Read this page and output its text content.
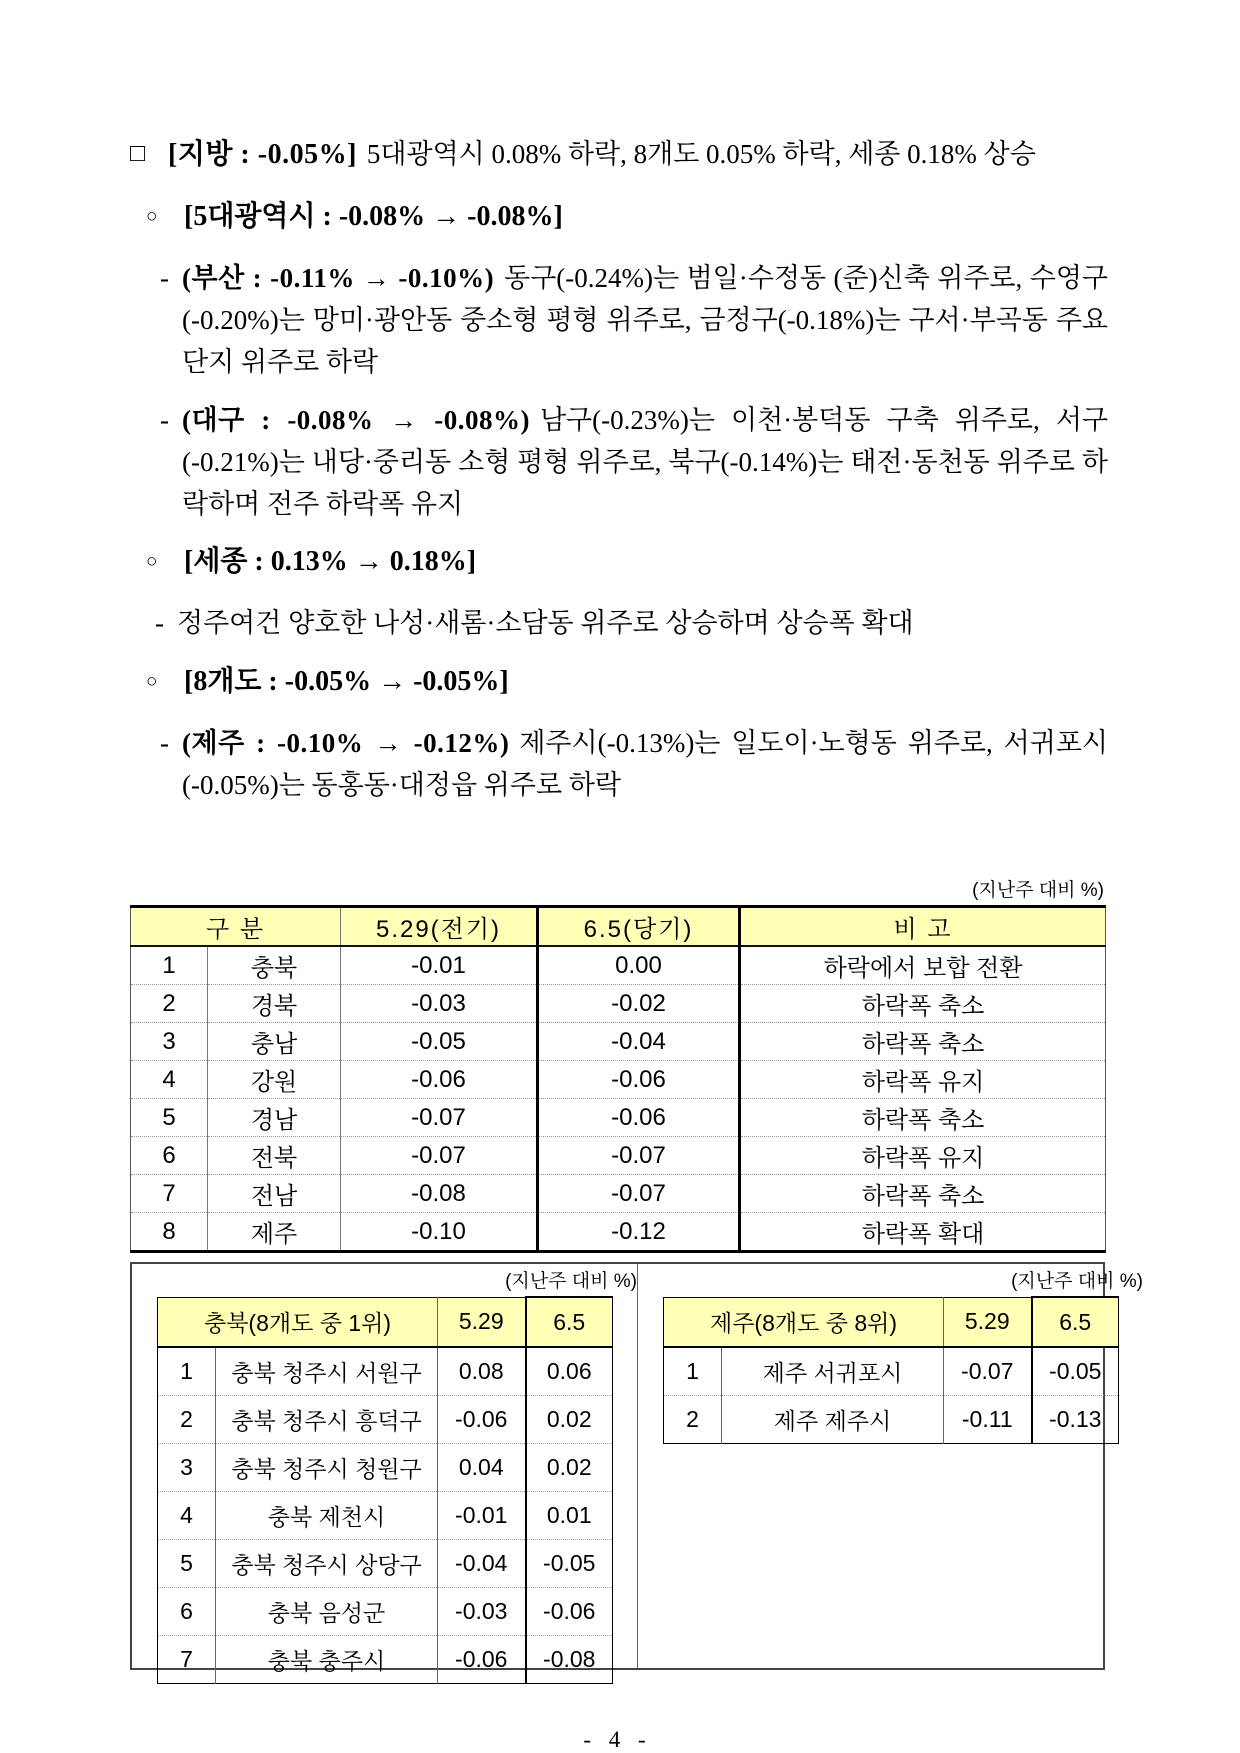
□ [지방 : -0.05%] 5대광역시 0.08% 하락, 8개도 0.05% 하락, 세종 0.18% 상승
○ [5대광역시 : -0.08% → -0.08%]
- (부산 : -0.11% → -0.10%) 동구(-0.24%)는 범일·수정동 (준)신축 위주로, 수영구(-0.20%)는 망미·광안동 중소형 평형 위주로, 금정구(-0.18%)는 구서·부곡동 주요단지 위주로 하락
- (대구 : -0.08% → -0.08%) 남구(-0.23%)는 이천·봉덕동 구축 위주로, 서구(-0.21%)는 내당·중리동 소형 평형 위주로, 북구(-0.14%)는 태전·동천동 위주로 하락하며 전주 하락폭 유지
○ [세종 : 0.13% → 0.18%]
- 정주여건 양호한 나성·새롬·소담동 위주로 상승하며 상승폭 확대
○ [8개도 : -0.05% → -0.05%]
- (제주 : -0.10% → -0.12%) 제주시(-0.13%)는 일도이·노형동 위주로, 서귀포시(-0.05%)는 동홍동·대정읍 위주로 하락
(지난주 대비 %)
구 분		5.29(전기)	6.5(당기)	비 고
1	충북	-0.01	0.00	하락에서 보합 전환
2	경북	-0.03	-0.02	하락폭 축소
3	충남	-0.05	-0.04	하락폭 축소
4	강원	-0.06	-0.06	하락폭 유지
5	경남	-0.07	-0.06	하락폭 축소
6	전북	-0.07	-0.07	하락폭 유지
7	전남	-0.08	-0.07	하락폭 축소
8	제주	-0.10	-0.12	하락폭 확대
(지난주 대비 %)
충북(8개도 중 1위)		5.29	6.5
1	충북 청주시 서원구	0.08	0.06
2	충북 청주시 흥덕구	-0.06	0.02
3	충북 청주시 청원구	0.04	0.02
4	충북 제천시	-0.01	0.01
5	충북 청주시 상당구	-0.04	-0.05
6	충북 음성군	-0.03	-0.06
7	충북 충주시	-0.06	-0.08
(지난주 대비 %)
제주(8개도 중 8위)		5.29	6.5
1	제주 서귀포시	-0.07	-0.05
2	제주 제주시	-0.11	-0.13
- 4 -
